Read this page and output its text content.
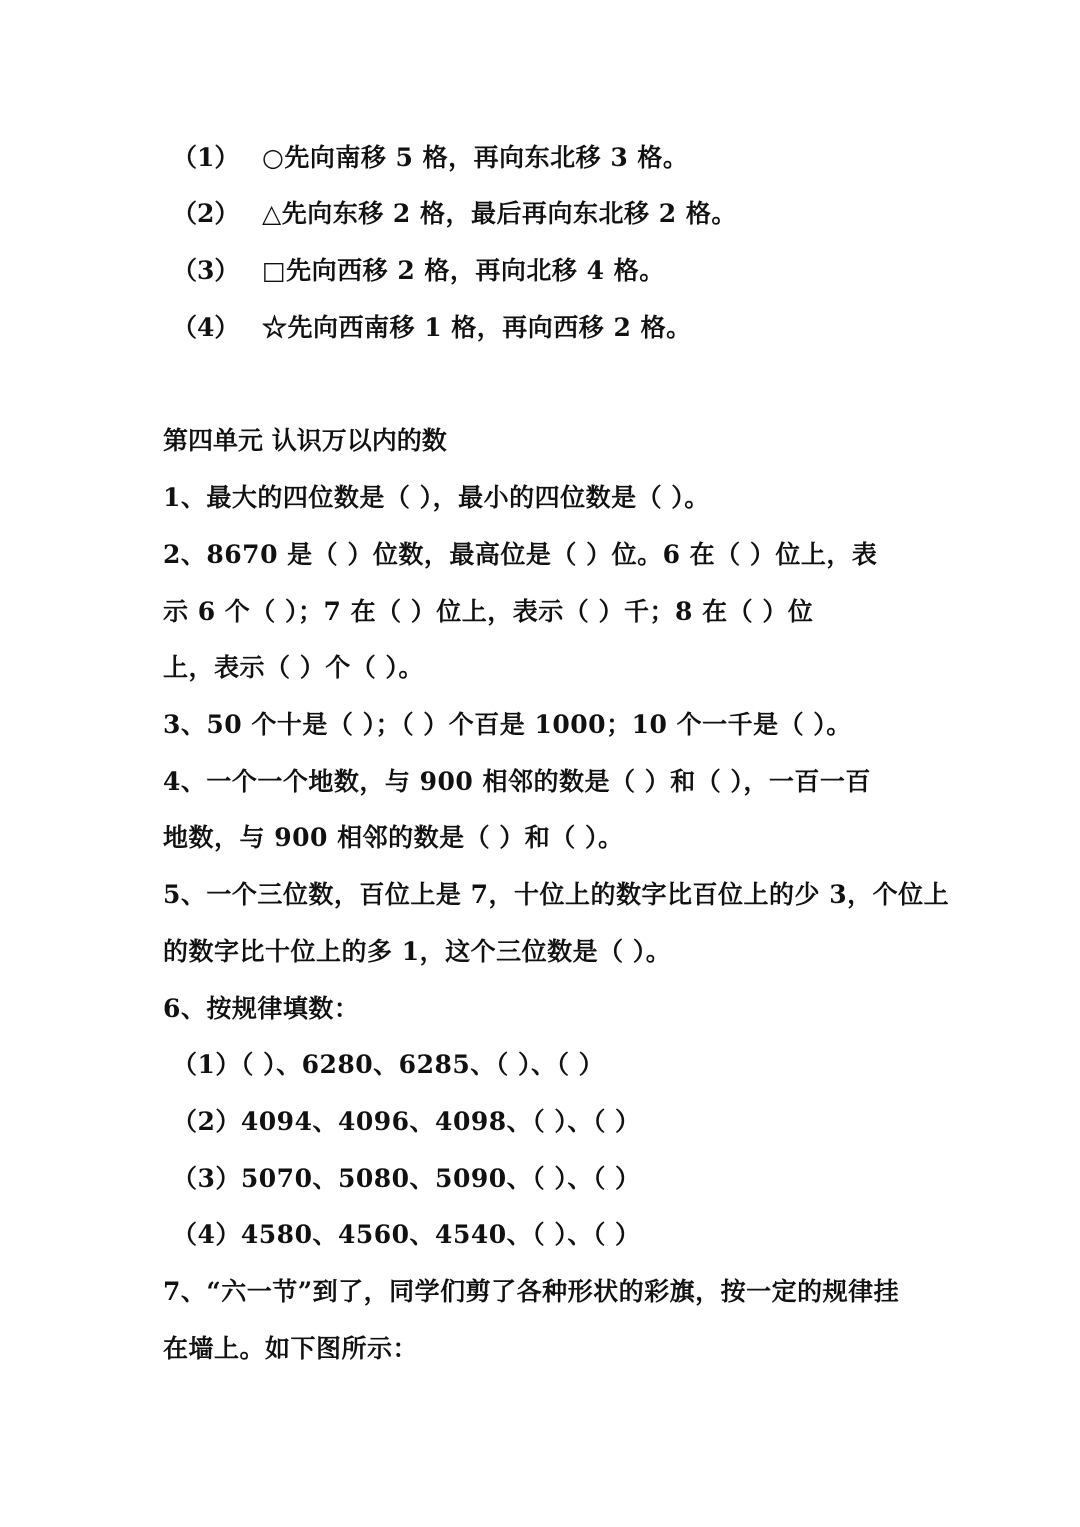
（1） ○先向南移 5 格，再向东北移 3 格。
（2） △先向东移 2 格，最后再向东北移 2 格。
（3） □先向西移 2 格，再向北移 4 格。
（4） ☆先向西南移 1 格，再向西移 2 格。
第四单元 认识万以内的数
1、最大的四位数是（ ），最小的四位数是（ ）。
2、8670 是（ ）位数，最高位是（ ）位。6 在（ ）位上，表
示 6 个（ ）；7 在（ ）位上，表示（ ）千；8 在（ ）位
上，表示（ ）个（ ）。
3、50 个十是（ ）；（ ）个百是 1000；10 个一千是（ ）。
4、一个一个地数，与 900 相邻的数是（ ）和（ ），一百一百
地数，与 900 相邻的数是（ ）和（ ）。
5、一个三位数，百位上是 7，十位上的数字比百位上的少 3，个位上
的数字比十位上的多 1，这个三位数是（ ）。
6、按规律填数：
（1）（ ）、6280、6285、（ ）、（ ）
（2）4094、4096、4098、（ ）、（ ）
（3）5070、5080、5090、（ ）、（ ）
（4）4580、4560、4540、（ ）、（ ）
7、“六一节”到了，同学们剪了各种形状的彩旗，按一定的规律挂
在墙上。如下图所示：
